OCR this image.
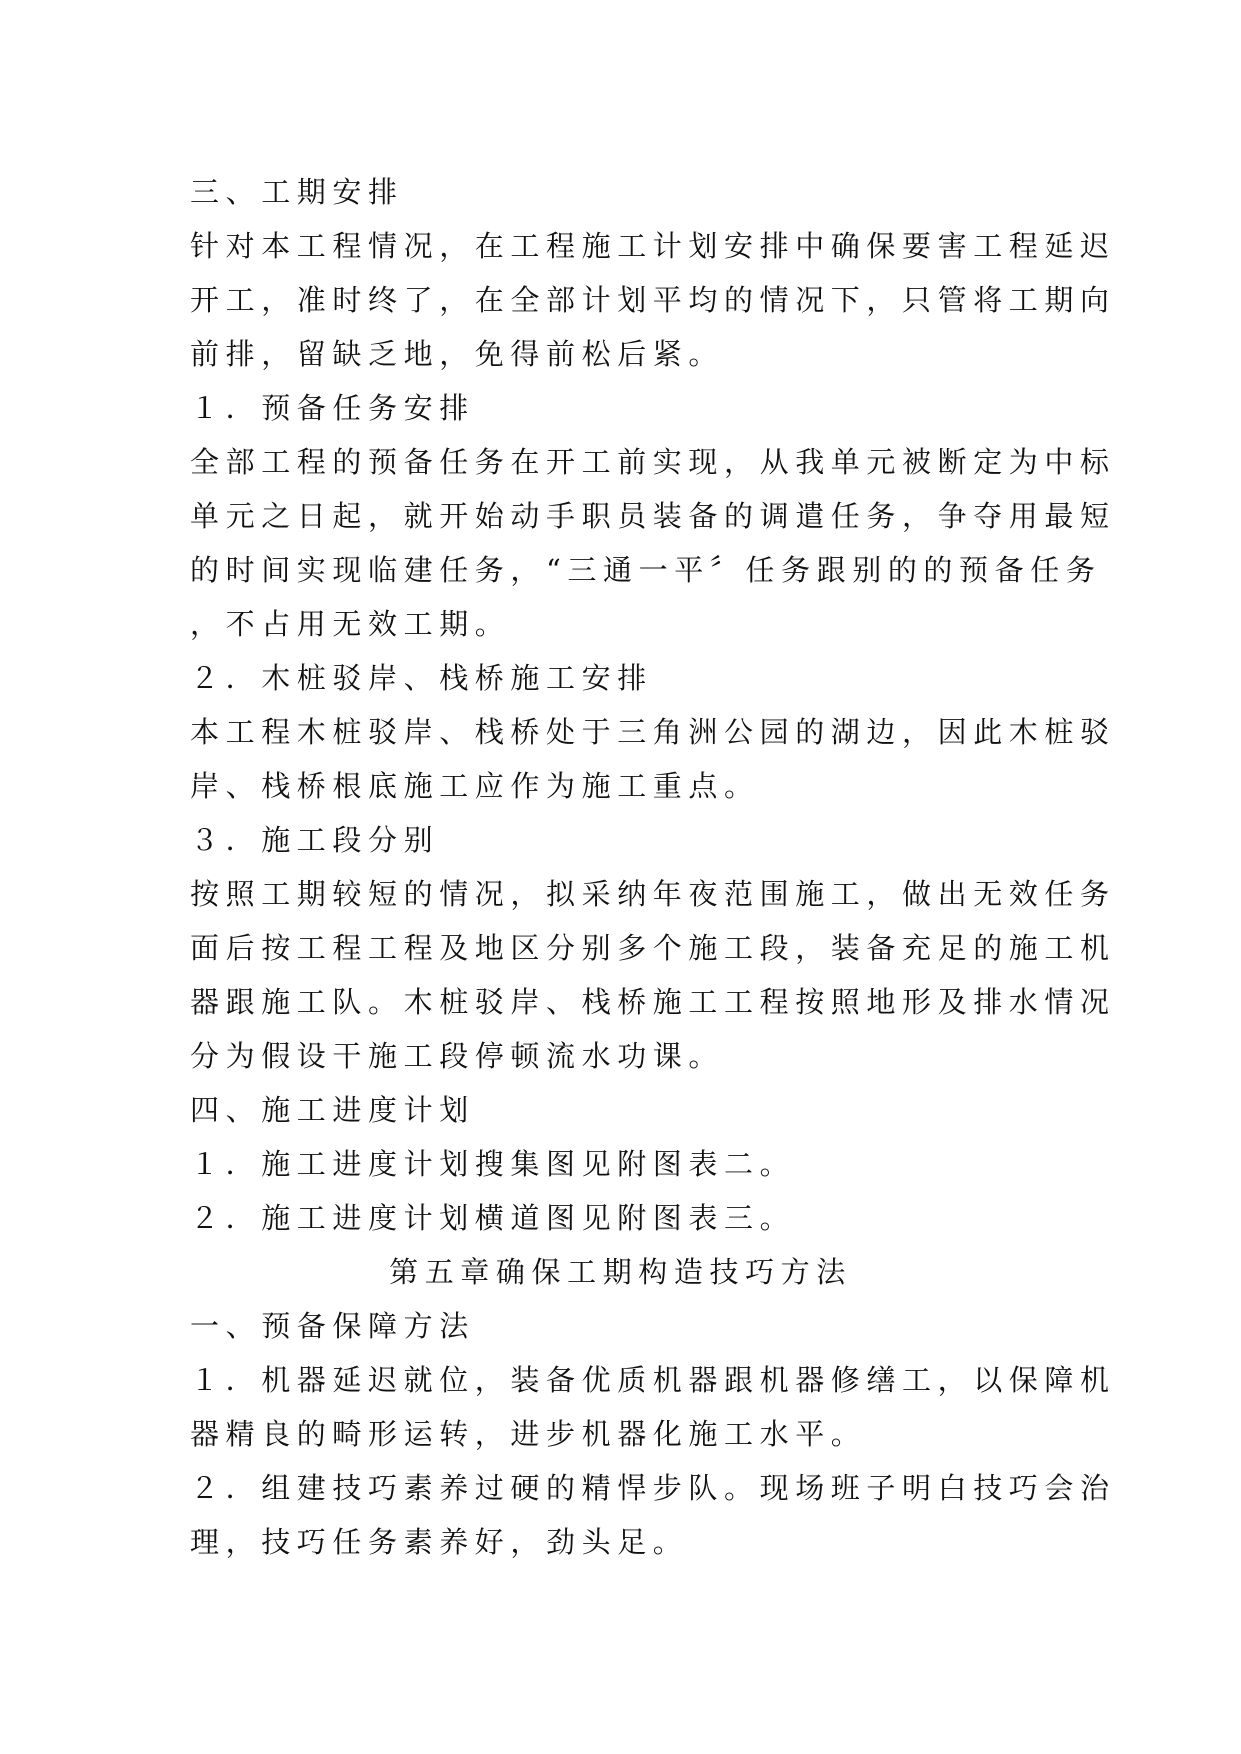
三、工期安排
针对本工程情况，在工程施工计划安排中确保要害工程延迟
开工，准时终了，在全部计划平均的情况下，只管将工期向
前排，留缺乏地，免得前松后紧。
１．预备任务安排
全部工程的预备任务在开工前实现，从我单元被断定为中标
单元之日起，就开始动手职员装备的调遣任务，争夺用最短
的时间实现临建任务，“三通一平〞任务跟别的的预备任务
，不占用无效工期。
２．木桩驳岸、栈桥施工安排
本工程木桩驳岸、栈桥处于三角洲公园的湖边，因此木桩驳
岸、栈桥根底施工应作为施工重点。
３．施工段分别
按照工期较短的情况，拟采纳年夜范围施工，做出无效任务
面后按工程工程及地区分别多个施工段，装备充足的施工机
器跟施工队。木桩驳岸、栈桥施工工程按照地形及排水情况
分为假设干施工段停顿流水功课。
四、施工进度计划
１．施工进度计划搜集图见附图表二。
２．施工进度计划横道图见附图表三。
第五章确保工期构造技巧方法
一、预备保障方法
１．机器延迟就位，装备优质机器跟机器修缮工，以保障机
器精良的畸形运转，进步机器化施工水平。
２．组建技巧素养过硬的精悍步队。现场班子明白技巧会治
理，技巧任务素养好，劲头足。
